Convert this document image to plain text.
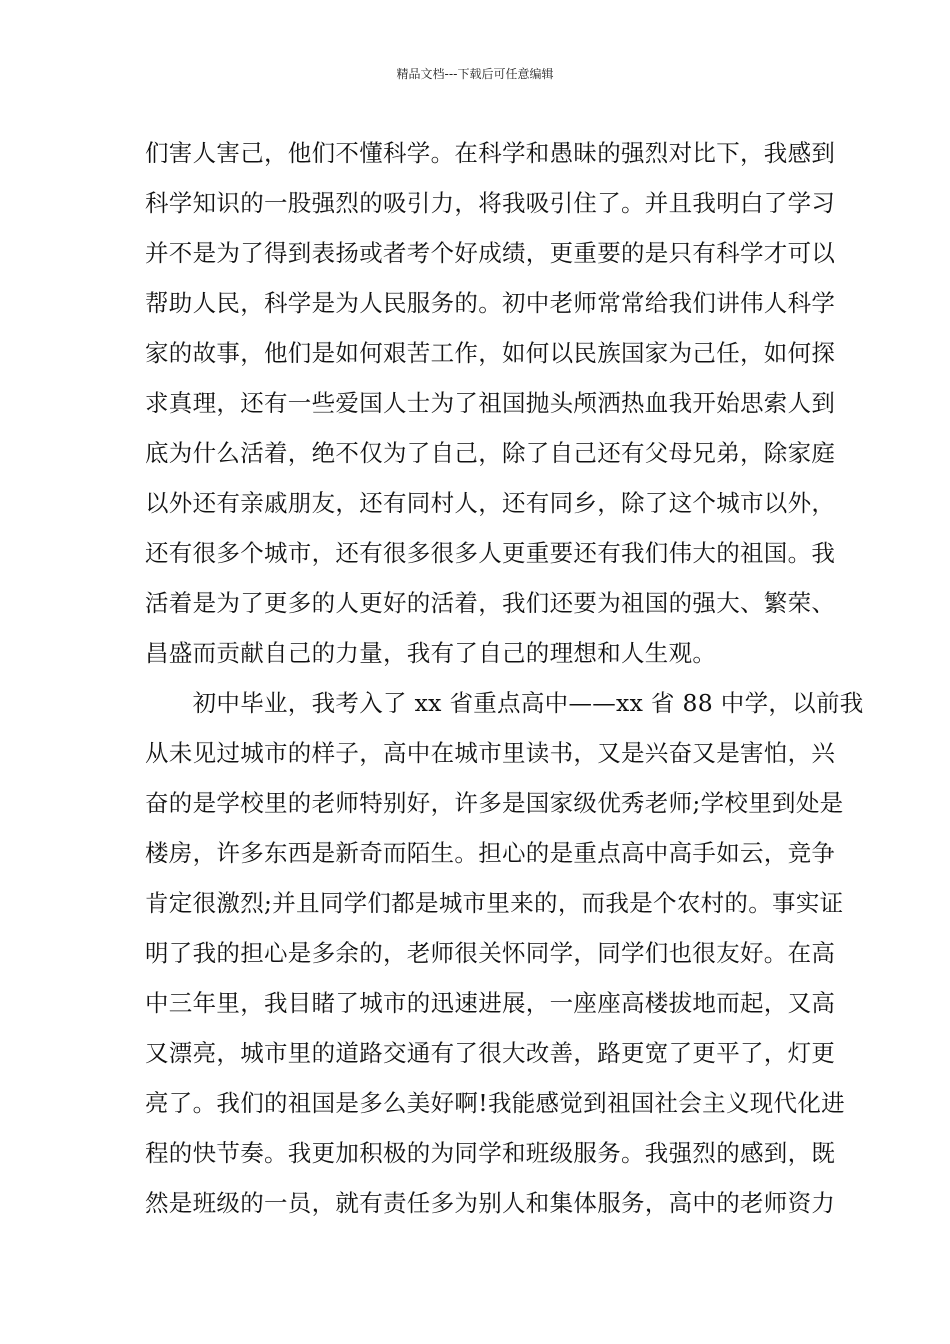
精品文档---下载后可任意编辑
们害人害己，他们不懂科学。在科学和愚昧的强烈对比下，我感到
科学知识的一股强烈的吸引力，将我吸引住了。并且我明白了学习
并不是为了得到表扬或者考个好成绩，更重要的是只有科学才可以
帮助人民，科学是为人民服务的。初中老师常常给我们讲伟人科学
家的故事，他们是如何艰苦工作，如何以民族国家为己任，如何探
求真理，还有一些爱国人士为了祖国抛头颅洒热血我开始思索人到
底为什么活着，绝不仅为了自己，除了自己还有父母兄弟，除家庭
以外还有亲戚朋友，还有同村人，还有同乡，除了这个城市以外，
还有很多个城市，还有很多很多人更重要还有我们伟大的祖国。我
活着是为了更多的人更好的活着，我们还要为祖国的强大、繁荣、
昌盛而贡献自己的力量，我有了自己的理想和人生观。
　　初中毕业，我考入了 xx 省重点高中——xx 省 88 中学，以前我
从未见过城市的样子，高中在城市里读书，又是兴奋又是害怕，兴
奋的是学校里的老师特别好，许多是国家级优秀老师;学校里到处是
楼房，许多东西是新奇而陌生。担心的是重点高中高手如云，竞争
肯定很激烈;并且同学们都是城市里来的，而我是个农村的。事实证
明了我的担心是多余的，老师很关怀同学，同学们也很友好。在高
中三年里，我目睹了城市的迅速进展，一座座高楼拔地而起，又高
又漂亮，城市里的道路交通有了很大改善，路更宽了更平了，灯更
亮了。我们的祖国是多么美好啊!我能感觉到祖国社会主义现代化进
程的快节奏。我更加积极的为同学和班级服务。我强烈的感到，既
然是班级的一员，就有责任多为别人和集体服务，高中的老师资力
